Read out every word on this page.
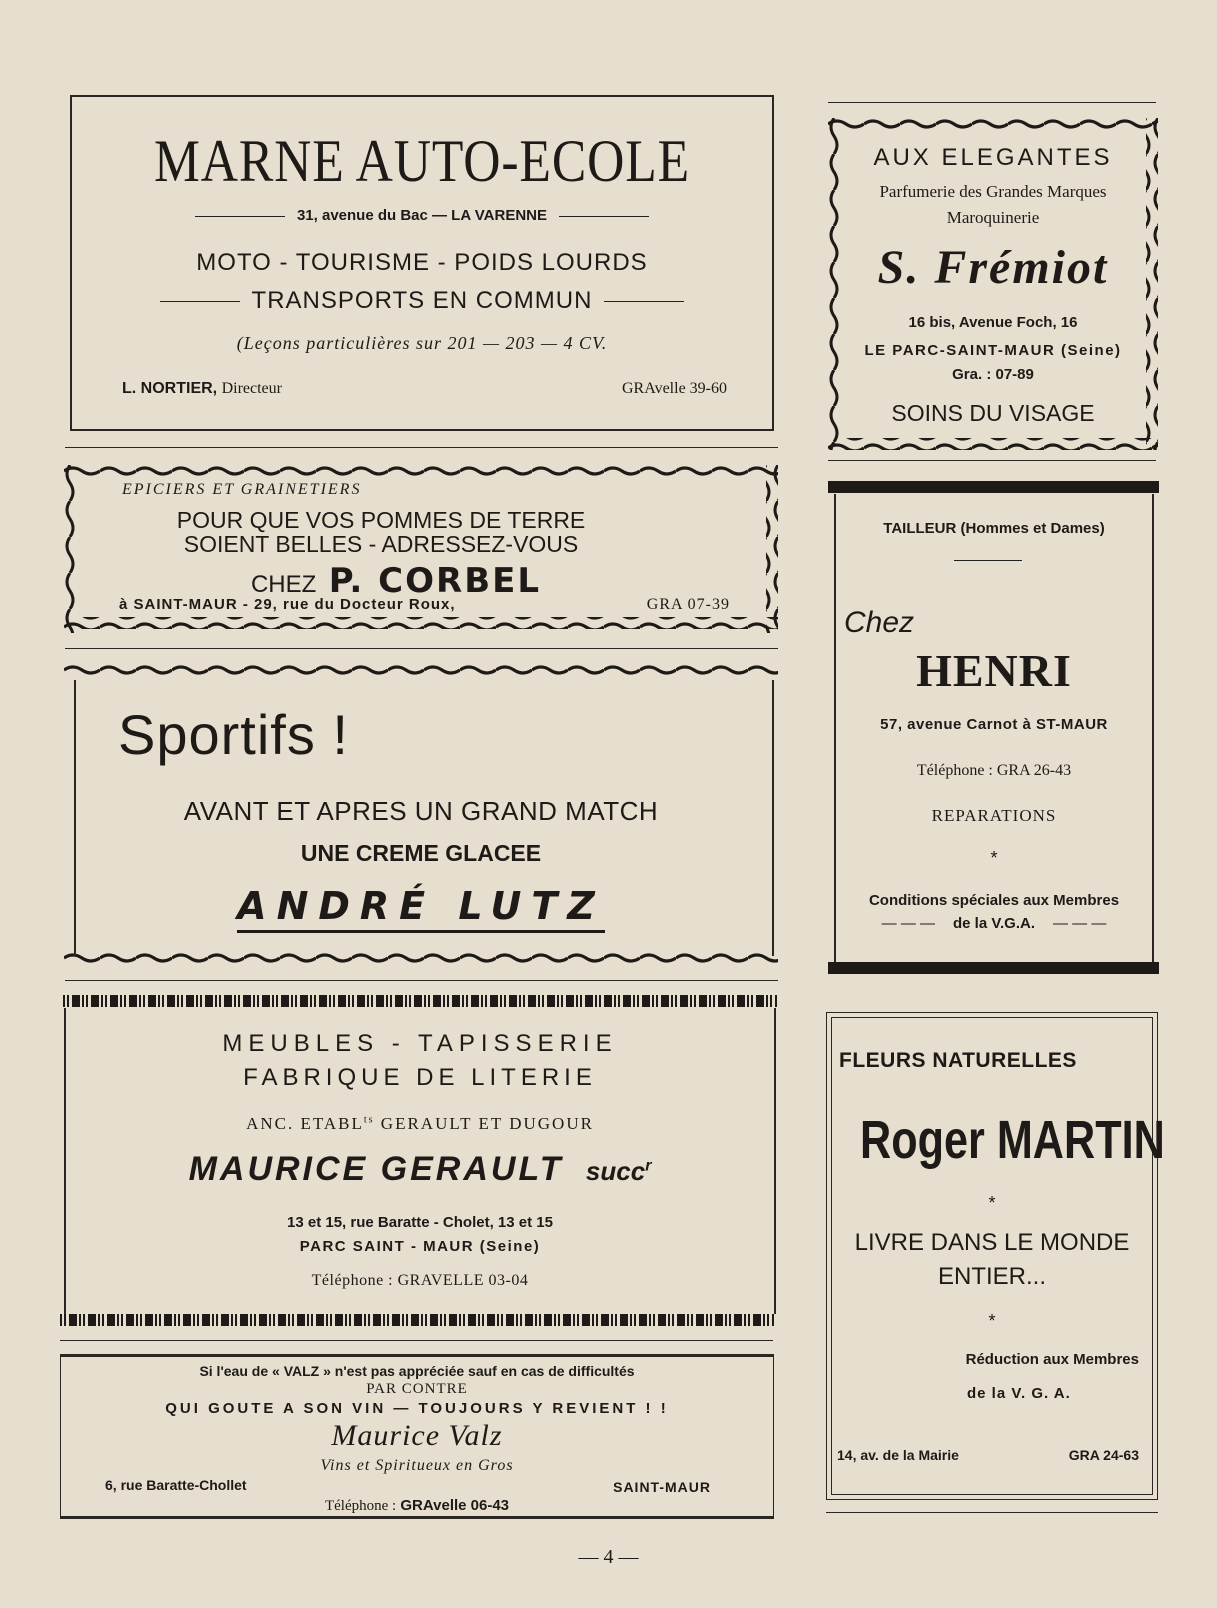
MARNE AUTO-ECOLE
31, avenue du Bac — LA VARENNE
MOTO - TOURISME - POIDS LOURDS
TRANSPORTS EN COMMUN
(Leçons particulières sur 201 — 203 — 4 CV.
L. NORTIER, Directeur	GRAvelle 39-60
AUX ELEGANTES
Parfumerie des Grandes Marques
Maroquinerie
S. Frémiot
16 bis, Avenue Foch, 16
LE PARC-SAINT-MAUR (Seine)
Gra. : 07-89
SOINS DU VISAGE
EPICIERS ET GRAINETIERS
POUR QUE VOS POMMES DE TERRE
SOIENT BELLES - ADRESSEZ-VOUS
CHEZ P. CORBEL
à SAINT-MAUR - 29, rue du Docteur Roux,	GRA 07-39
TAILLEUR (Hommes et Dames)
Chez
HENRI
57, avenue Carnot à ST-MAUR
Téléphone : GRA 26-43
REPARATIONS
*
Conditions spéciales aux Membres
— — — de la V.G.A. — — —
Sportifs !
AVANT ET APRES UN GRAND MATCH
UNE CREME GLACEE
ANDRÉ LUTZ
MEUBLES - TAPISSERIE
FABRIQUE DE LITERIE
ANC. $ETABL^{ts}$ GERAULT ET DUGOUR
MAURICE GERAULT succ$^r$
13 et 15, rue Baratte - Cholet, 13 et 15
PARC SAINT - MAUR (Seine)
Téléphone : GRAVELLE 03-04
FLEURS NATURELLES
Roger MARTIN
*
LIVRE DANS LE MONDE
ENTIER...
*
Réduction aux Membres
de la V. G. A.
14, av. de la Mairie	GRA 24-63
Si l'eau de « VALZ » n'est pas appréciée sauf en cas de difficultés
PAR CONTRE
QUI GOUTE A SON VIN — TOUJOURS Y REVIENT ! !
Maurice Valz
Vins et Spiritueux en Gros
6, rue Baratte-Chollet	SAINT-MAUR
Téléphone : GRAvelle 06-43
— 4 —
